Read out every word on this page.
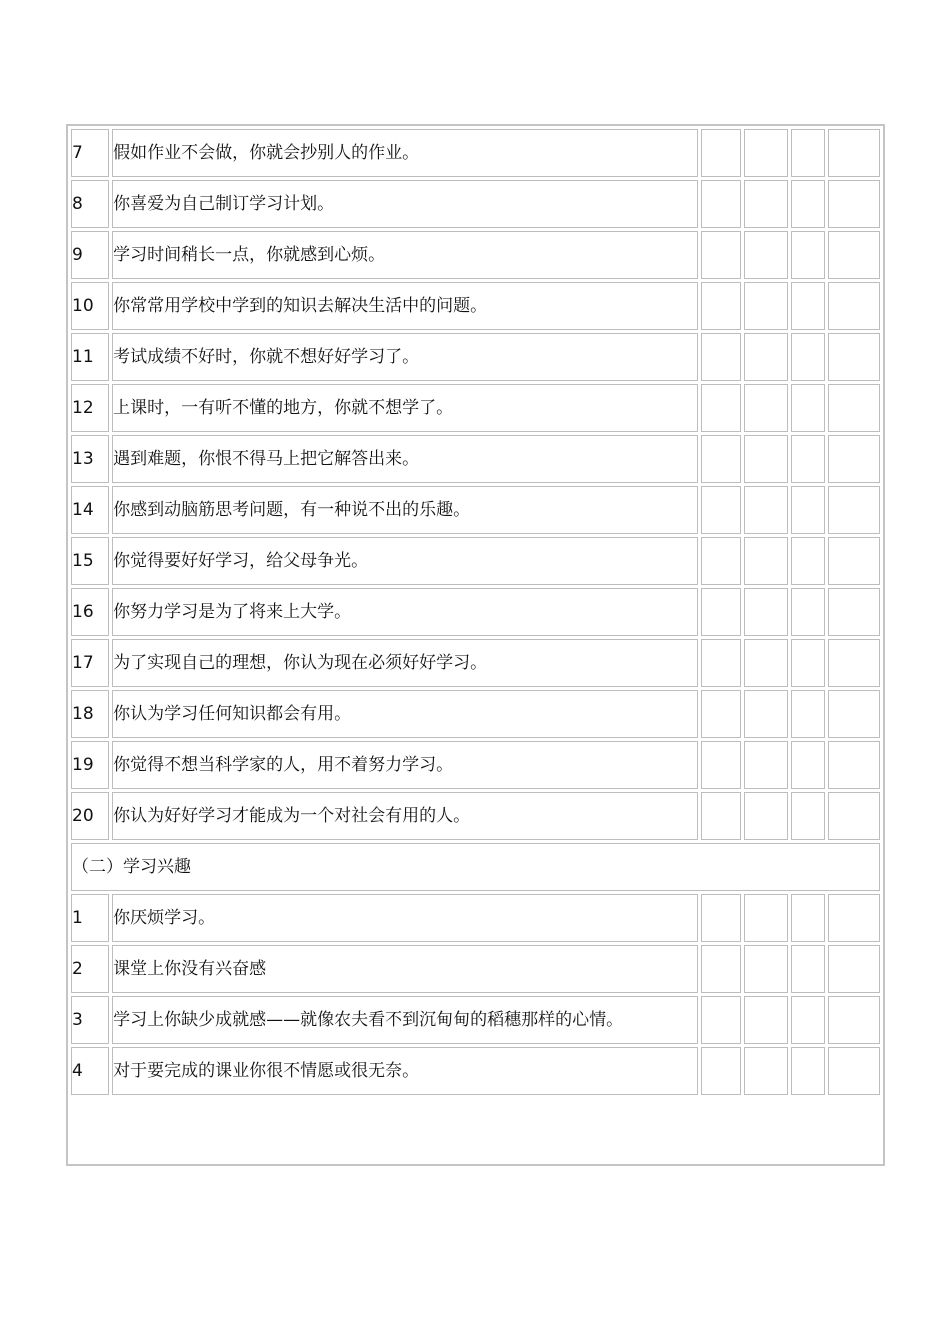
7	假如作业不会做，你就会抄别人的作业。				
8	你喜爱为自己制订学习计划。				
9	学习时间稍长一点，你就感到心烦。				
10	你常常用学校中学到的知识去解决生活中的问题。				
11	考试成绩不好时，你就不想好好学习了。				
12	上课时，一有听不懂的地方，你就不想学了。				
13	遇到难题，你恨不得马上把它解答出来。				
14	你感到动脑筋思考问题，有一种说不出的乐趣。				
15	你觉得要好好学习，给父母争光。				
16	你努力学习是为了将来上大学。				
17	为了实现自己的理想，你认为现在必须好好学习。				
18	你认为学习任何知识都会有用。				
19	你觉得不想当科学家的人，用不着努力学习。				
20	你认为好好学习才能成为一个对社会有用的人。				
（二）学习兴趣					
1	你厌烦学习。				
2	课堂上你没有兴奋感				
3	学习上你缺少成就感——就像农夫看不到沉甸甸的稻穗那样的心情。				
4	对于要完成的课业你很不情愿或很无奈。				
